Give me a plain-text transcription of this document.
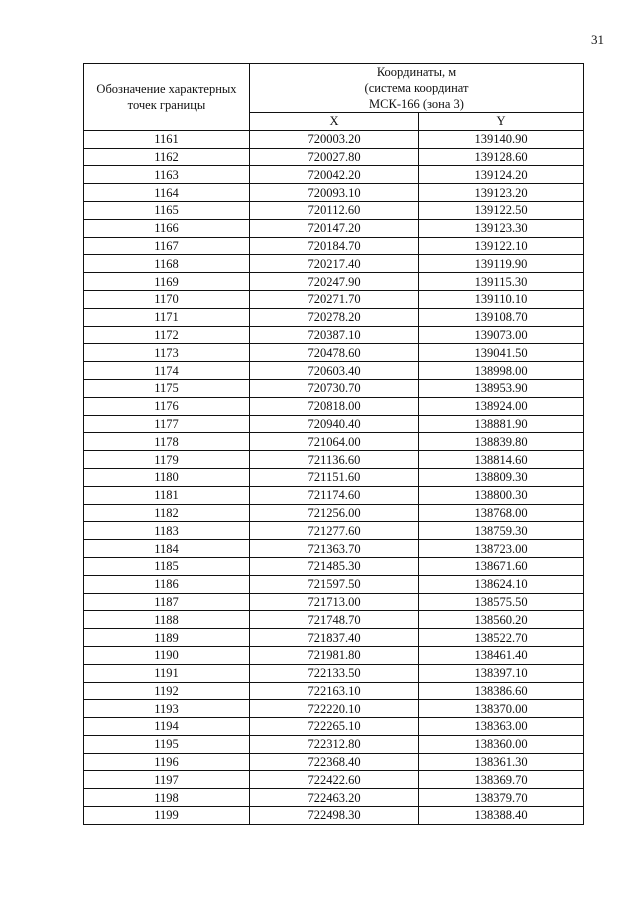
31
Обозначение характерных точек границы	Координаты, м
(система координат
МСК-166 (зона 3)	

	X	Y
1161	720003.20	139140.90
1162	720027.80	139128.60
1163	720042.20	139124.20
1164	720093.10	139123.20
1165	720112.60	139122.50
1166	720147.20	139123.30
1167	720184.70	139122.10
1168	720217.40	139119.90
1169	720247.90	139115.30
1170	720271.70	139110.10
1171	720278.20	139108.70
1172	720387.10	139073.00
1173	720478.60	139041.50
1174	720603.40	138998.00
1175	720730.70	138953.90
1176	720818.00	138924.00
1177	720940.40	138881.90
1178	721064.00	138839.80
1179	721136.60	138814.60
1180	721151.60	138809.30
1181	721174.60	138800.30
1182	721256.00	138768.00
1183	721277.60	138759.30
1184	721363.70	138723.00
1185	721485.30	138671.60
1186	721597.50	138624.10
1187	721713.00	138575.50
1188	721748.70	138560.20
1189	721837.40	138522.70
1190	721981.80	138461.40
1191	722133.50	138397.10
1192	722163.10	138386.60
1193	722220.10	138370.00
1194	722265.10	138363.00
1195	722312.80	138360.00
1196	722368.40	138361.30
1197	722422.60	138369.70
1198	722463.20	138379.70
1199	722498.30	138388.40
